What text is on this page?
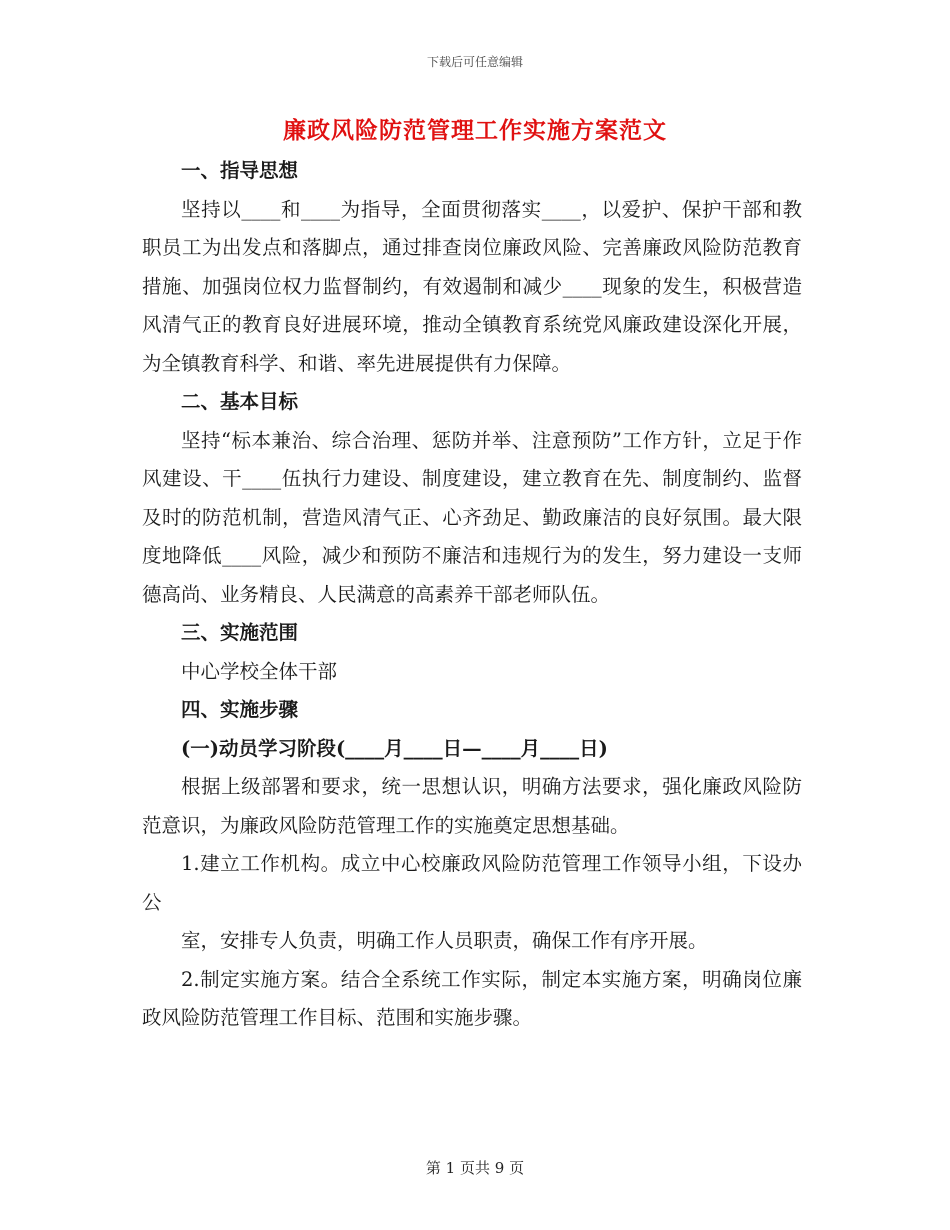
下载后可任意编辑
廉政风险防范管理工作实施方案范文

一、指导思想

坚持以____和____为指导，全面贯彻落实____，以爱护、保护干部和教职员工为出发点和落脚点，通过排查岗位廉政风险、完善廉政风险防范教育措施、加强岗位权力监督制约，有效遏制和减少____现象的发生，积极营造风清气正的教育良好进展环境，推动全镇教育系统党风廉政建设深化开展，为全镇教育科学、和谐、率先进展提供有力保障。

二、基本目标

坚持“标本兼治、综合治理、惩防并举、注意预防”工作方针，立足于作风建设、干____伍执行力建设、制度建设，建立教育在先、制度制约、监督及时的防范机制，营造风清气正、心齐劲足、勤政廉洁的良好氛围。最大限度地降低____风险，减少和预防不廉洁和违规行为的发生，努力建设一支师德高尚、业务精良、人民满意的高素养干部老师队伍。

三、实施范围

中心学校全体干部

四、实施步骤

(一)动员学习阶段(____月____日—____月____日)

根据上级部署和要求，统一思想认识，明确方法要求，强化廉政风险防范意识，为廉政风险防范管理工作的实施奠定思想基础。

1.建立工作机构。成立中心校廉政风险防范管理工作领导小组，下设办公

室，安排专人负责，明确工作人员职责，确保工作有序开展。

2.制定实施方案。结合全系统工作实际，制定本实施方案，明确岗位廉政风险防范管理工作目标、范围和实施步骤。

第 1 页共 9 页
